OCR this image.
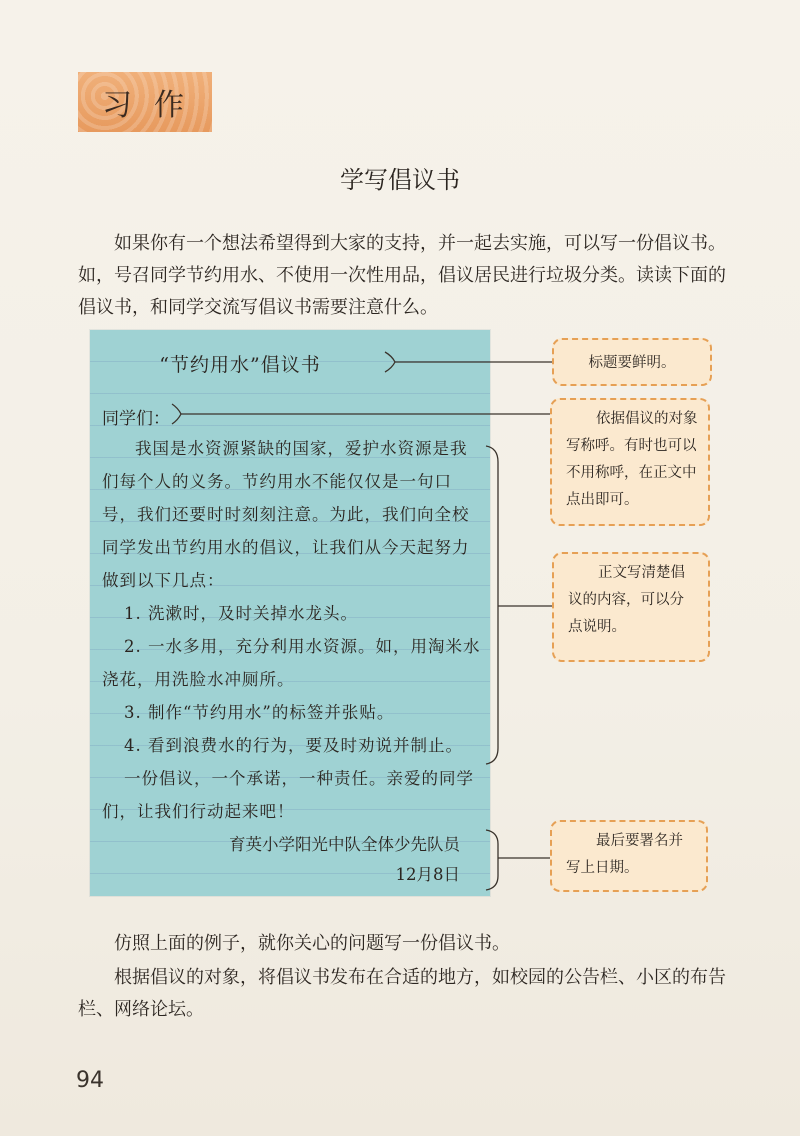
习作
学写倡议书

如果你有一个想法希望得到大家的支持，并一起去实施，可以写一份倡议书。如，号召同学节约用水、不使用一次性用品，倡议居民进行垃圾分类。读读下面的倡议书，和同学交流写倡议书需要注意什么。

“节约用水”倡议书
同学们：

我国是水资源紧缺的国家，爱护水资源是我们每个人的义务。节约用水不能仅仅是一句口号，我们还要时时刻刻注意。为此，我们向全校同学发出节约用水的倡议，让我们从今天起努力做到以下几点：

1. 洗漱时，及时关掉水龙头。

2. 一水多用，充分利用水资源。如，用淘米水浇花，用洗脸水冲厕所。

3. 制作“节约用水”的标签并张贴。

4. 看到浪费水的行为，要及时劝说并制止。

一份倡议，一个承诺，一种责任。亲爱的同学们，让我们行动起来吧！

育英小学阳光中队全体少先队员
12月8日

标题要鲜明。

依据倡议的对象写称呼。有时也可以不用称呼，在正文中点出即可。

正文写清楚倡议的内容，可以分点说明。

最后要署名并写上日期。

仿照上面的例子，就你关心的问题写一份倡议书。

根据倡议的对象，将倡议书发布在合适的地方，如校园的公告栏、小区的布告栏、网络论坛。

94
